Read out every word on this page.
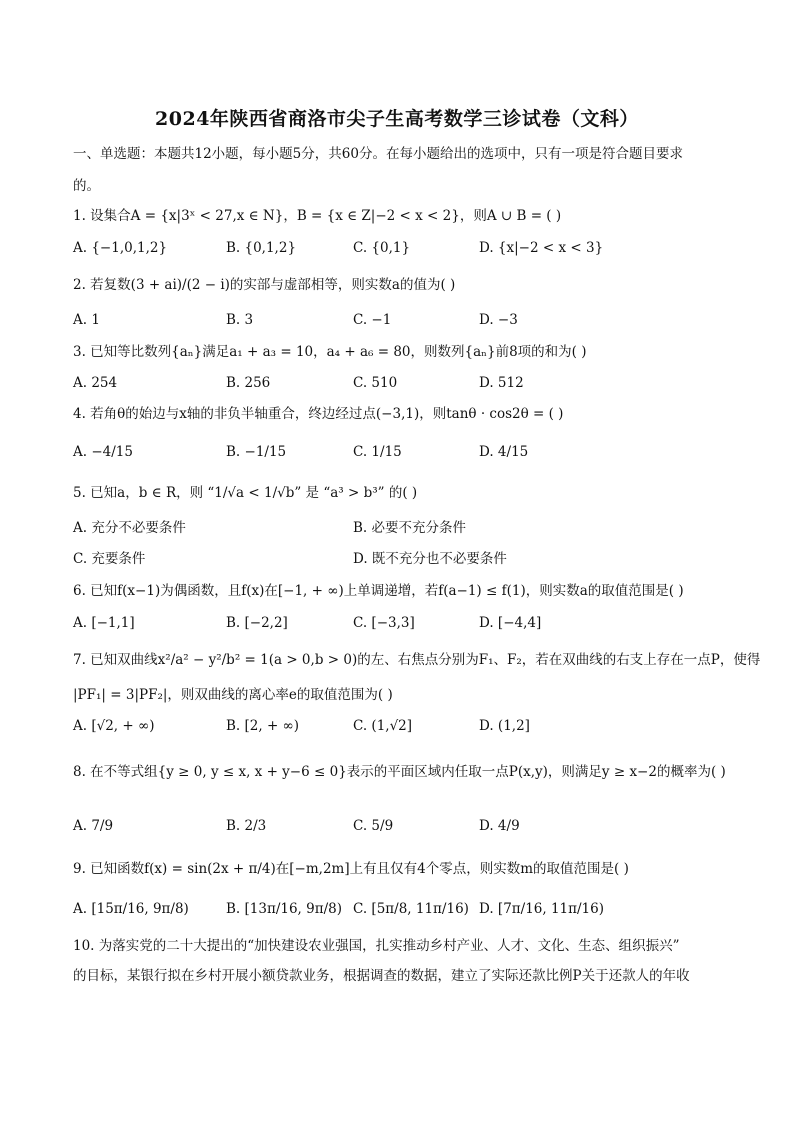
2024年陕西省商洛市尖子生高考数学三诊试卷（文科）
一、单选题：本题共12小题，每小题5分，共60分。在每小题给出的选项中，只有一项是符合题目要求
的。
1. 设集合A = {x|3ˣ < 27,x ∈ N}，B = {x ∈ Z|−2 < x < 2}，则A ∪ B = ( )
A. {−1,0,1,2}	B. {0,1,2}	C. {0,1}	D. {x|−2 < x < 3}
2. 若复数(3 + ai)/(2 − i)的实部与虚部相等，则实数a的值为( )
A. 1	B. 3	C. −1	D. −3
3. 已知等比数列{aₙ}满足a₁ + a₃ = 10，a₄ + a₆ = 80，则数列{aₙ}前8项的和为( )
A. 254	B. 256	C. 510	D. 512
4. 若角θ的始边与x轴的非负半轴重合，终边经过点(−3,1)，则tanθ · cos2θ = ( )
A. −4/15	B. −1/15	C. 1/15	D. 4/15
5. 已知a，b ∈ R，则 “1/√a < 1/√b” 是 “a³ > b³” 的( )
A. 充分不必要条件	B. 必要不充分条件
C. 充要条件	D. 既不充分也不必要条件
6. 已知f(x−1)为偶函数，且f(x)在[−1, + ∞)上单调递增，若f(a−1) ≤ f(1)，则实数a的取值范围是( )
A. [−1,1]	B. [−2,2]	C. [−3,3]	D. [−4,4]
7. 已知双曲线x²/a² − y²/b² = 1(a > 0,b > 0)的左、右焦点分别为F₁、F₂，若在双曲线的右支上存在一点P，使得
|PF₁| = 3|PF₂|，则双曲线的离心率e的取值范围为( )
A. [√2, + ∞)	B. [2, + ∞)	C. (1,√2]	D. (1,2]
8. 在不等式组{y ≥ 0, y ≤ x, x + y−6 ≤ 0}表示的平面区域内任取一点P(x,y)，则满足y ≥ x−2的概率为( )
A. 7/9	B. 2/3	C. 5/9	D. 4/9
9. 已知函数f(x) = sin(2x + π/4)在[−m,2m]上有且仅有4个零点，则实数m的取值范围是( )
A. [15π/16, 9π/8)	B. [13π/16, 9π/8) C. [5π/8, 11π/16) D. [7π/16, 11π/16)
10. 为落实党的二十大提出的“加快建设农业强国，扎实推动乡村产业、人才、文化、生态、组织振兴”
的目标，某银行拟在乡村开展小额贷款业务，根据调查的数据，建立了实际还款比例P关于还款人的年收
